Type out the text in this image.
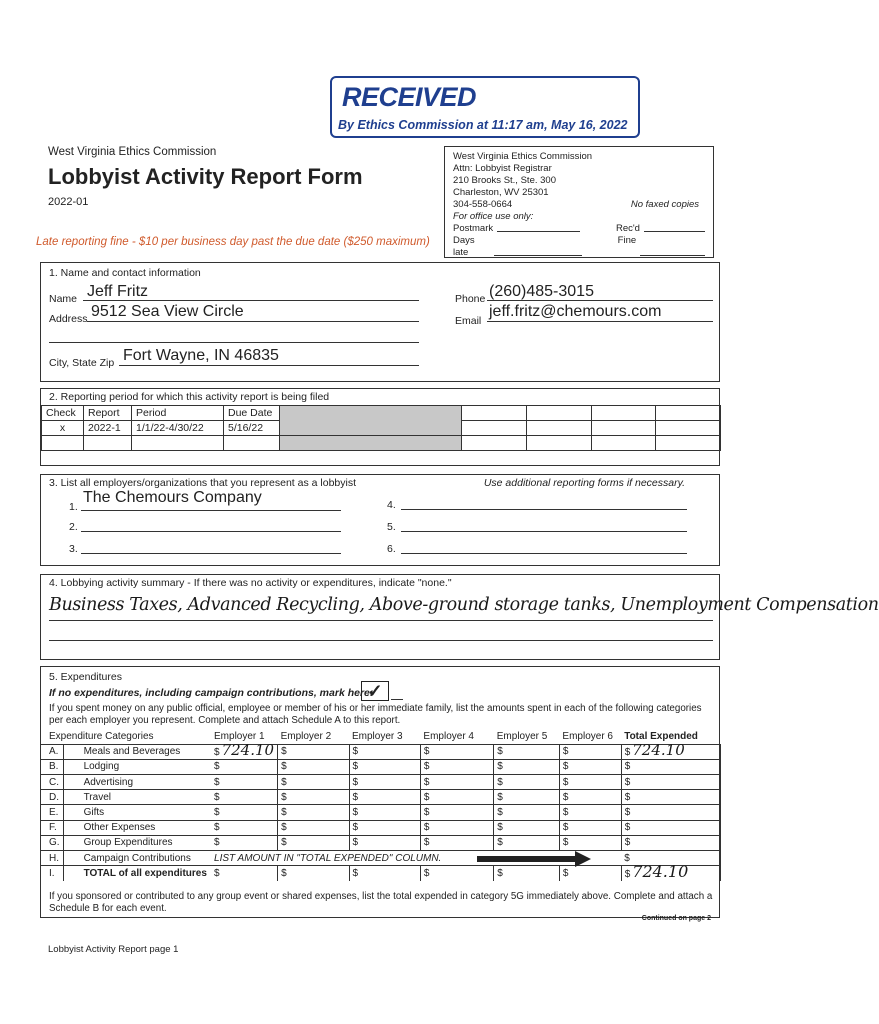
RECEIVED
By Ethics Commission at 11:17 am, May 16, 2022
West Virginia Ethics Commission
Lobbyist Activity Report Form
2022-01
Late reporting fine - $10 per business day past the due date ($250 maximum)
West Virginia Ethics Commission
Attn: Lobbyist Registrar
210 Brooks St., Ste. 300
Charleston, WV 25301
304-558-0664	No faxed copies
For office use only:
Postmark	Rec'd
Days late
Fine
1. Name and contact information
Name Jeff Fritz
Address 9512 Sea View Circle
Phone (260)485-3015
Email
jeff.fritz@chemours.com
City, State Zip Fort Wayne, IN 46835
2. Reporting period for which this activity report is being filed
Check	Report	Period	Due Date					
x	2022-1	1/1/22-4/30/22	5/16/22					

3. List all employers/organizations that you represent as a lobbyist	Use additional reporting forms if necessary.
1.
The Chemours Company
2.
3.
4.
5.
6.
4. Lobbying activity summary - If there was no activity or expenditures, indicate "none."
Business Taxes, Advanced Recycling, Above-ground storage tanks, Unemployment Compensation
5. Expenditures
If no expenditures, including campaign contributions, mark here:
✓
If you spent money on any public official, employee or member of his or her immediate family, list the amounts spent in each of the following categories per each employer you represent. Complete and attach Schedule A to this report.
Expenditure Categories		Employer 1	Employer 2	Employer 3	Employer 4	Employer 5	Employer 6	Total Expended
A.	Meals and Beverages	$ 724.10	$	$	$	$	$	$ 724.10
B.	Lodging	$	$	$	$	$	$	$
C.	Advertising	$	$	$	$	$	$	$
D.	Travel	$	$	$	$	$	$	$
E.	Gifts	$	$	$	$	$	$	$
F.	Other Expenses	$	$	$	$	$	$	$
G.	Group Expenditures	$	$	$	$	$	$	$
H.	Campaign Contributions	LIST AMOUNT IN "TOTAL EXPENDED" COLUMN.						$
I.	TOTAL of all expenditures	$	$	$	$	$	$	$ 724.10
If you sponsored or contributed to any group event or shared expenses, list the total expended in category 5G immediately above. Complete and attach a Schedule B for each event.
Continued on page 2
Lobbyist Activity Report page 1
